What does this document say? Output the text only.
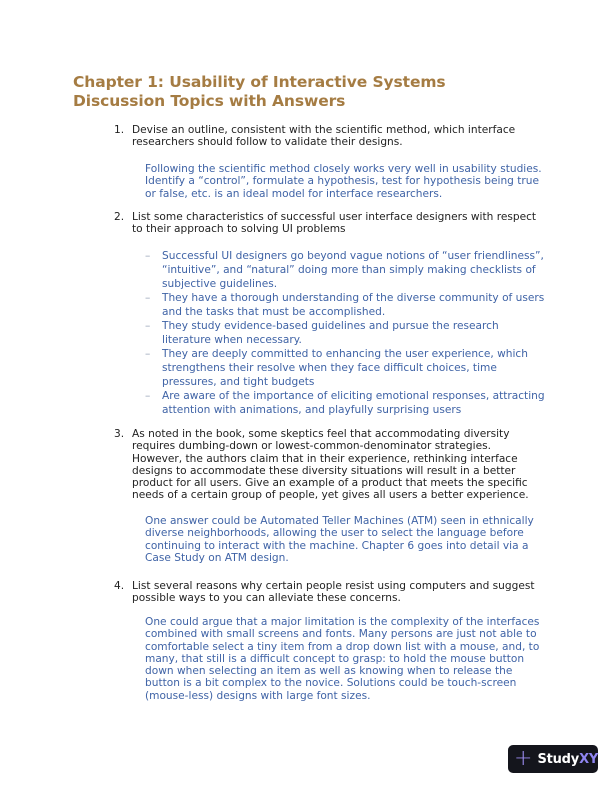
Chapter 1: Usability of Interactive Systems
Discussion Topics with Answers
1. Devise an outline, consistent with the scientific method, which interface researchers should follow to validate their designs.
Following the scientific method closely works very well in usability studies. Identify a “control”, formulate a hypothesis, test for hypothesis being true or false, etc. is an ideal model for interface researchers.
2. List some characteristics of successful user interface designers with respect to their approach to solving UI problems
– Successful UI designers go beyond vague notions of “user friendliness”, “intuitive”, and “natural” doing more than simply making checklists of subjective guidelines.
– They have a thorough understanding of the diverse community of users and the tasks that must be accomplished.
– They study evidence-based guidelines and pursue the research literature when necessary.
– They are deeply committed to enhancing the user experience, which strengthens their resolve when they face difficult choices, time pressures, and tight budgets
– Are aware of the importance of eliciting emotional responses, attracting attention with animations, and playfully surprising users
3. As noted in the book, some skeptics feel that accommodating diversity requires dumbing-down or lowest-common-denominator strategies. However, the authors claim that in their experience, rethinking interface designs to accommodate these diversity situations will result in a better product for all users. Give an example of a product that meets the specific needs of a certain group of people, yet gives all users a better experience.
One answer could be Automated Teller Machines (ATM) seen in ethnically diverse neighborhoods, allowing the user to select the language before continuing to interact with the machine. Chapter 6 goes into detail via a Case Study on ATM design.
4. List several reasons why certain people resist using computers and suggest possible ways to you can alleviate these concerns.
One could argue that a major limitation is the complexity of the interfaces combined with small screens and fonts. Many persons are just not able to comfortable select a tiny item from a drop down list with a mouse, and, to many, that still is a difficult concept to grasp: to hold the mouse button down when selecting an item as well as knowing when to release the button is a bit complex to the novice. Solutions could be touch-screen (mouse-less) designs with large font sizes.
+ StudyXY
